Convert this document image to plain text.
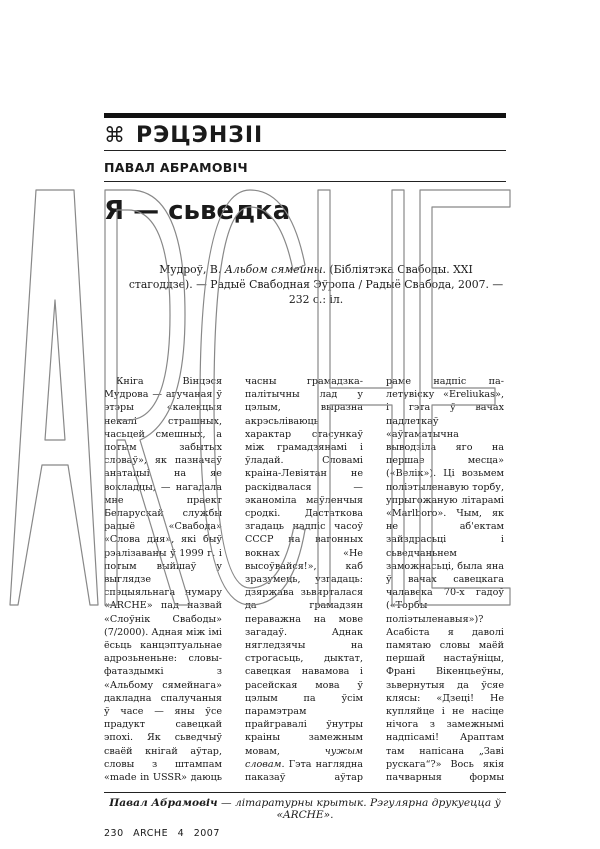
⌘ РЭЦЭНЗІІ
ПАВАЛ АБРАМОВІЧ
Я — сьведка
Мудроў, В. Альбом сямейны. (Бібліятэка Свабоды. XXI стагоддзе). — Радыё Свабодная Эўропа / Радыё Свабода, 2007. — 232 с.: іл.

Кніга Вінцэся Мудрова — агучаная ў этэры «калекцыя некалі страшных, часьцей смешных, а потым забытых словаў», як пазначаў анатацыі на яе вокладцы, — нагадала мне праект Беларускай службы радыё «Свабода» «Слова дня», які быў рэалізаваны ў 1999 г. і потым выйшаў у выглядзе спэцыяльнага нумару «ARCHE» пад назвай «Слоўнік Свабоды» (7/2000). Адная між імі ёсьць канцэптуальнае адрозьненьне: словы-фатаздымкі з «Альбому сямейнага» дакладна спалучаныя ў часе — яны ўсе прадукт савецкай эпохі. Як сьведчыў сваёй кнігай аўтар, словы з штампам «made in USSR» даюць

часны грамадзка-палітычны лад у цэлым, выразна акрэсьліваюць характар стасункаў між грамадзянамі і ўладай. Словамі краіна-Левіятан не раскідвалася — эканоміла маўленчыя сродкі. Дастаткова згадаць надпіс часоў СССР на вагонных вокнах «Не высоўвайся!», каб зразумець, узгадаць: дзяржава зьвярталася да грамадзян пераважна на мове загадаў. Аднак нягледзячы на строгасьць, дыктат, савецкая навамова і расейская мова ў цэлым па ўсім парамэтрам прайгравалі ўнутры краіны замежным мовам, чужым словам. Гэта наглядна паказаў аўтар

раме надпіс па-летувіску «Ereliukas», і гэта ў вачах падлеткаў «аўтаматычна выводзіла яго на першае месца» («Велік»). Ці возьмем поліэтыленавую торбу, упрыгожаную літарамі «Marlboro». Чым, як не аб'ектам зайздрасьці і сьведчаньнем заможнасьці, была яна ў вачах савецкага чалавека 70-х гадоў («Торбы поліэтыленавыя»)? Асабіста я даволі памятаю словы маёй першай настаўніцы, Франі Вікенцьеўны, зьвернутыя да ўсяе клясы: «Дзеці! Не купляйце і не насіце нічога з замежнымі надпісамі! Араптам там напісана „Заві рускага“?» Вось якія пачварныя формы

Павал Абрамовіч — літаратурны крытык. Рэгулярна друкуецца ў «ARCHE».
230 ARCHE 4 2007
